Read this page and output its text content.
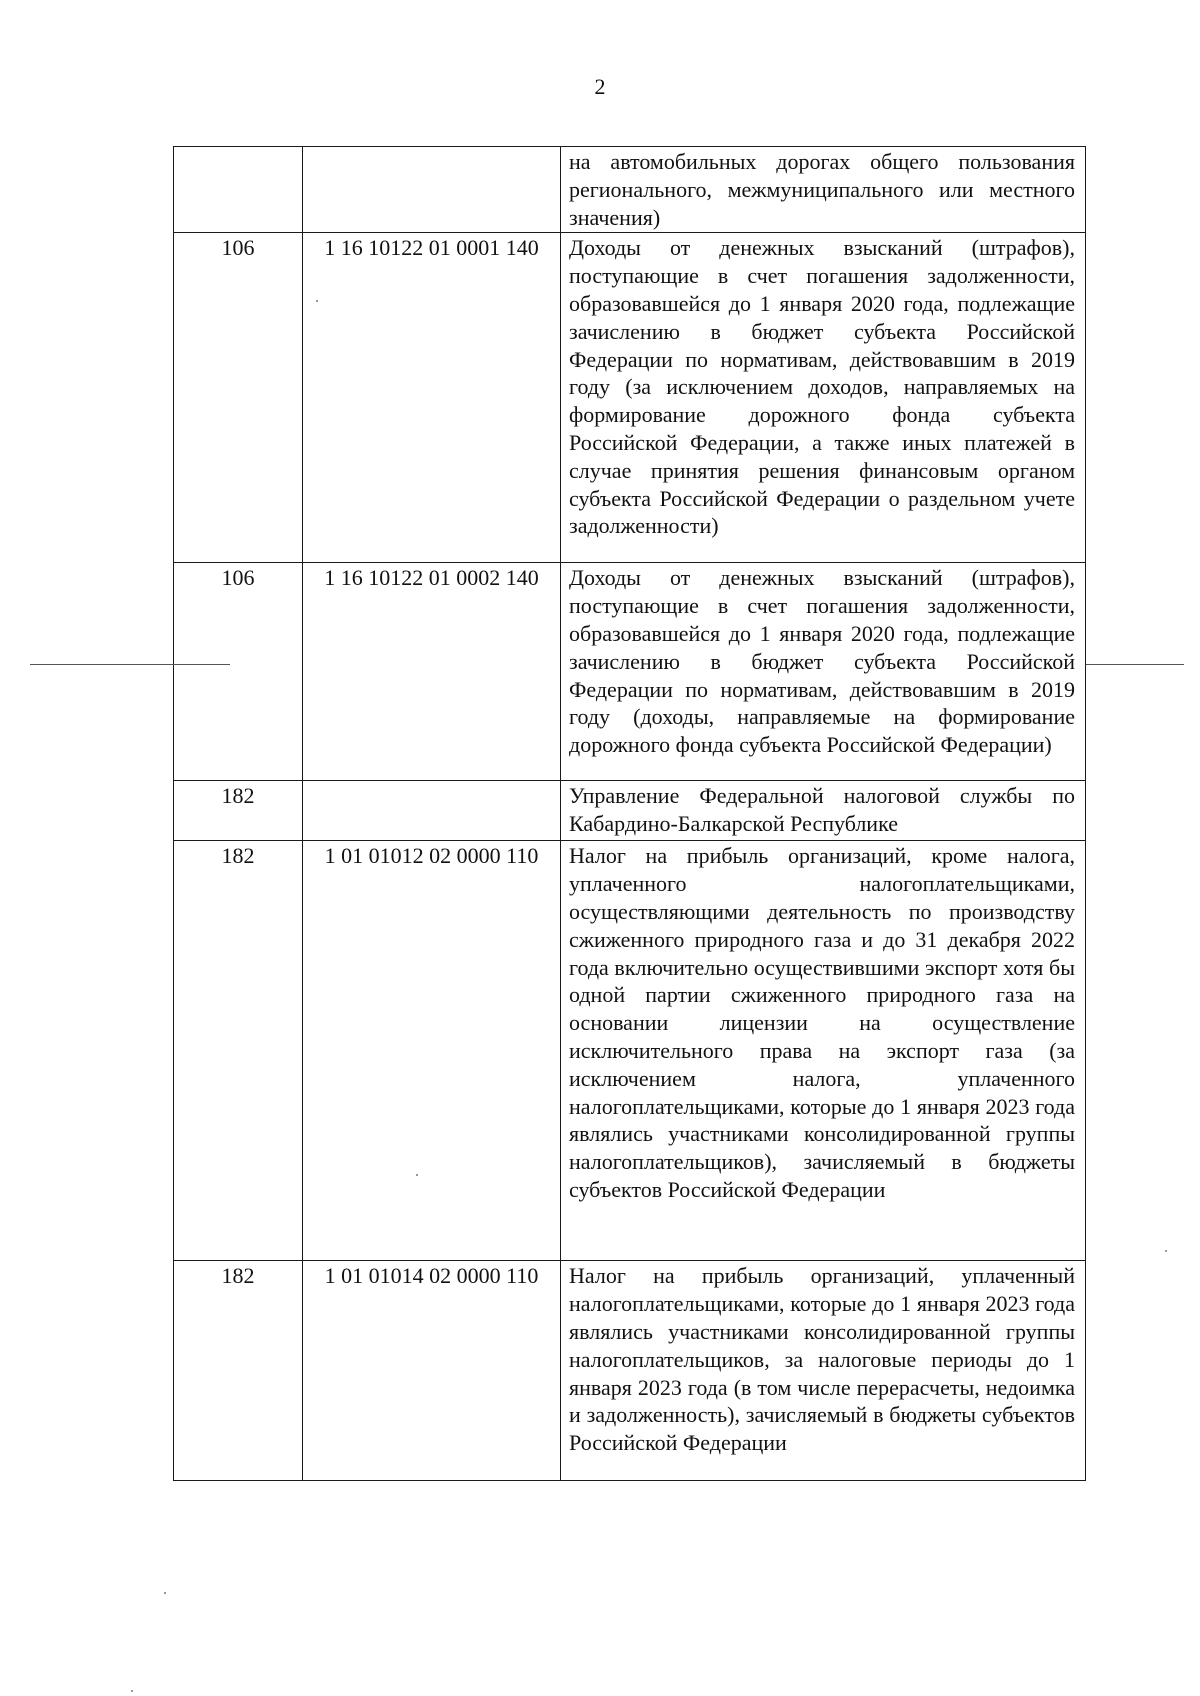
2

		на автомобильных дорогах общего пользования регионального, межмуниципального или местного значения)

106	1 16 10122 01 0001 140	Доходы от денежных взысканий (штрафов), поступающие в счет погашения задолженности, образовавшейся до 1 января 2020 года, подлежащие зачислению в бюджет субъекта Российской Федерации по нормативам, действовавшим в 2019 году (за исключением доходов, направляемых на формирование дорожного фонда субъекта Российской Федерации, а также иных платежей в случае принятия решения финансовым органом субъекта Российской Федерации о раздельном учете задолженности)

106	1 16 10122 01 0002 140	Доходы от денежных взысканий (штрафов), поступающие в счет погашения задолженности, образовавшейся до 1 января 2020 года, подлежащие зачислению в бюджет субъекта Российской Федерации по нормативам, действовавшим в 2019 году (доходы, направляемые на формирование дорожного фонда субъекта Российской Федерации)

182		Управление Федеральной налоговой службы по Кабардино-Балкарской Республике

182	1 01 01012 02 0000 110	Налог на прибыль организаций, кроме налога, уплаченного налогоплательщиками, осуществляющими деятельность по производству сжиженного природного газа и до 31 декабря 2022 года включительно осуществившими экспорт хотя бы одной партии сжиженного природного газа на основании лицензии на осуществление исключительного права на экспорт газа (за исключением налога, уплаченного налогоплательщиками, которые до 1 января 2023 года являлись участниками консолидированной группы налогоплательщиков), зачисляемый в бюджеты субъектов Российской Федерации

182	1 01 01014 02 0000 110	Налог на прибыль организаций, уплаченный налогоплательщиками, которые до 1 января 2023 года являлись участниками консолидированной группы налогоплательщиков, за налоговые периоды до 1 января 2023 года (в том числе перерасчеты, недоимка и задолженность), зачисляемый в бюджеты субъектов Российской Федерации
